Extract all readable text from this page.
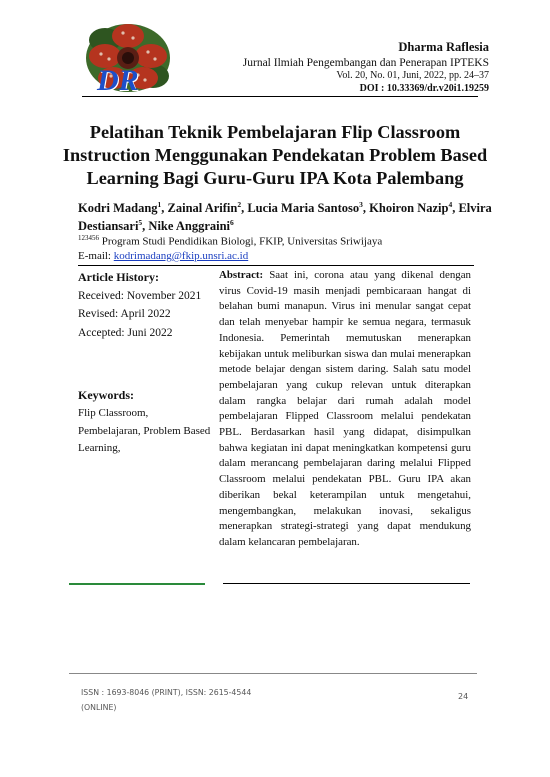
DR
Dharma Raflesia
Jurnal Ilmiah Pengembangan dan Penerapan IPTEKS
Vol. 20, No. 01, Juni, 2022, pp. 24–37
DOI : 10.33369/dr.v20i1.19259
Pelatihan Teknik Pembelajaran Flip Classroom Instruction Menggunakan Pendekatan Problem Based Learning Bagi Guru-Guru IPA Kota Palembang
Kodri Madang$^1$, Zainal Arifin$^2$, Lucia Maria Santoso$^3$, Khoiron Nazip$^4$, Elvira Destiansari$^5$, Nike Anggraini$^6$
$^{123456}$ Program Studi Pendidikan Biologi, FKIP, Universitas Sriwijaya
E-mail: kodrimadang@fkip.unsri.ac.id
Article History:
Received: November 2021
Revised: April 2022
Accepted: Juni 2022
Keywords:
Flip Classroom, Pembelajaran, Problem Based Learning,
Abstract: Saat ini, corona atau yang dikenal dengan virus Covid-19 masih menjadi pembicaraan hangat di belahan bumi manapun. Virus ini menular sangat cepat dan telah menyebar hampir ke semua negara, termasuk Indonesia. Pemerintah memutuskan menerapkan kebijakan untuk meliburkan siswa dan mulai menerapkan metode belajar dengan sistem daring. Salah satu model pembelajaran yang cukup relevan untuk diterapkan dalam rangka belajar dari rumah adalah model pembelajaran Flipped Classroom melalui pendekatan PBL. Berdasarkan hasil yang didapat, disimpulkan bahwa kegiatan ini dapat meningkatkan kompetensi guru dalam merancang pembelajaran daring melalui Flipped Classroom melalui pendekatan PBL. Guru IPA akan diberikan bekal keterampilan untuk mengetahui, mengembangkan, melakukan inovasi, sekaligus menerapkan strategi-strategi yang dapat mendukung dalam kelancaran pembelajaran.
ISSN : 1693-8046 (PRINT), ISSN: 2615-4544 (ONLINE)
24
